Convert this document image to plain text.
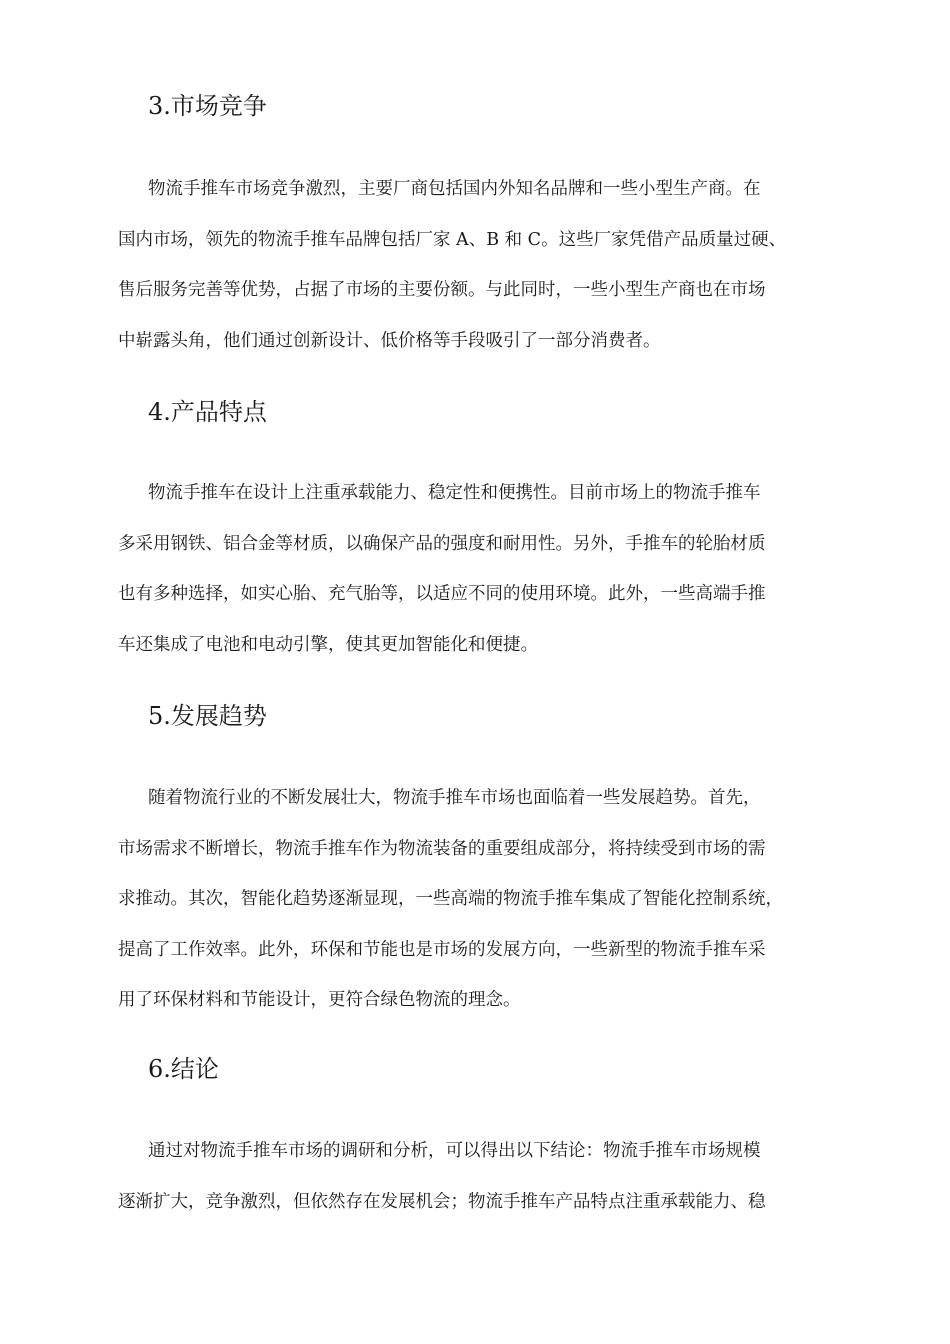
3.市场竞争
物流手推车市场竞争激烈，主要厂商包括国内外知名品牌和一些小型生产商。在
国内市场，领先的物流手推车品牌包括厂家 A、B 和 C。这些厂家凭借产品质量过硬、
售后服务完善等优势，占据了市场的主要份额。与此同时，一些小型生产商也在市场
中崭露头角，他们通过创新设计、低价格等手段吸引了一部分消费者。
4.产品特点
物流手推车在设计上注重承载能力、稳定性和便携性。目前市场上的物流手推车
多采用钢铁、铝合金等材质，以确保产品的强度和耐用性。另外，手推车的轮胎材质
也有多种选择，如实心胎、充气胎等，以适应不同的使用环境。此外，一些高端手推
车还集成了电池和电动引擎，使其更加智能化和便捷。
5.发展趋势
随着物流行业的不断发展壮大，物流手推车市场也面临着一些发展趋势。首先，
市场需求不断增长，物流手推车作为物流装备的重要组成部分，将持续受到市场的需
求推动。其次，智能化趋势逐渐显现，一些高端的物流手推车集成了智能化控制系统，
提高了工作效率。此外，环保和节能也是市场的发展方向，一些新型的物流手推车采
用了环保材料和节能设计，更符合绿色物流的理念。
6.结论
通过对物流手推车市场的调研和分析，可以得出以下结论：物流手推车市场规模
逐渐扩大，竞争激烈，但依然存在发展机会；物流手推车产品特点注重承载能力、稳
